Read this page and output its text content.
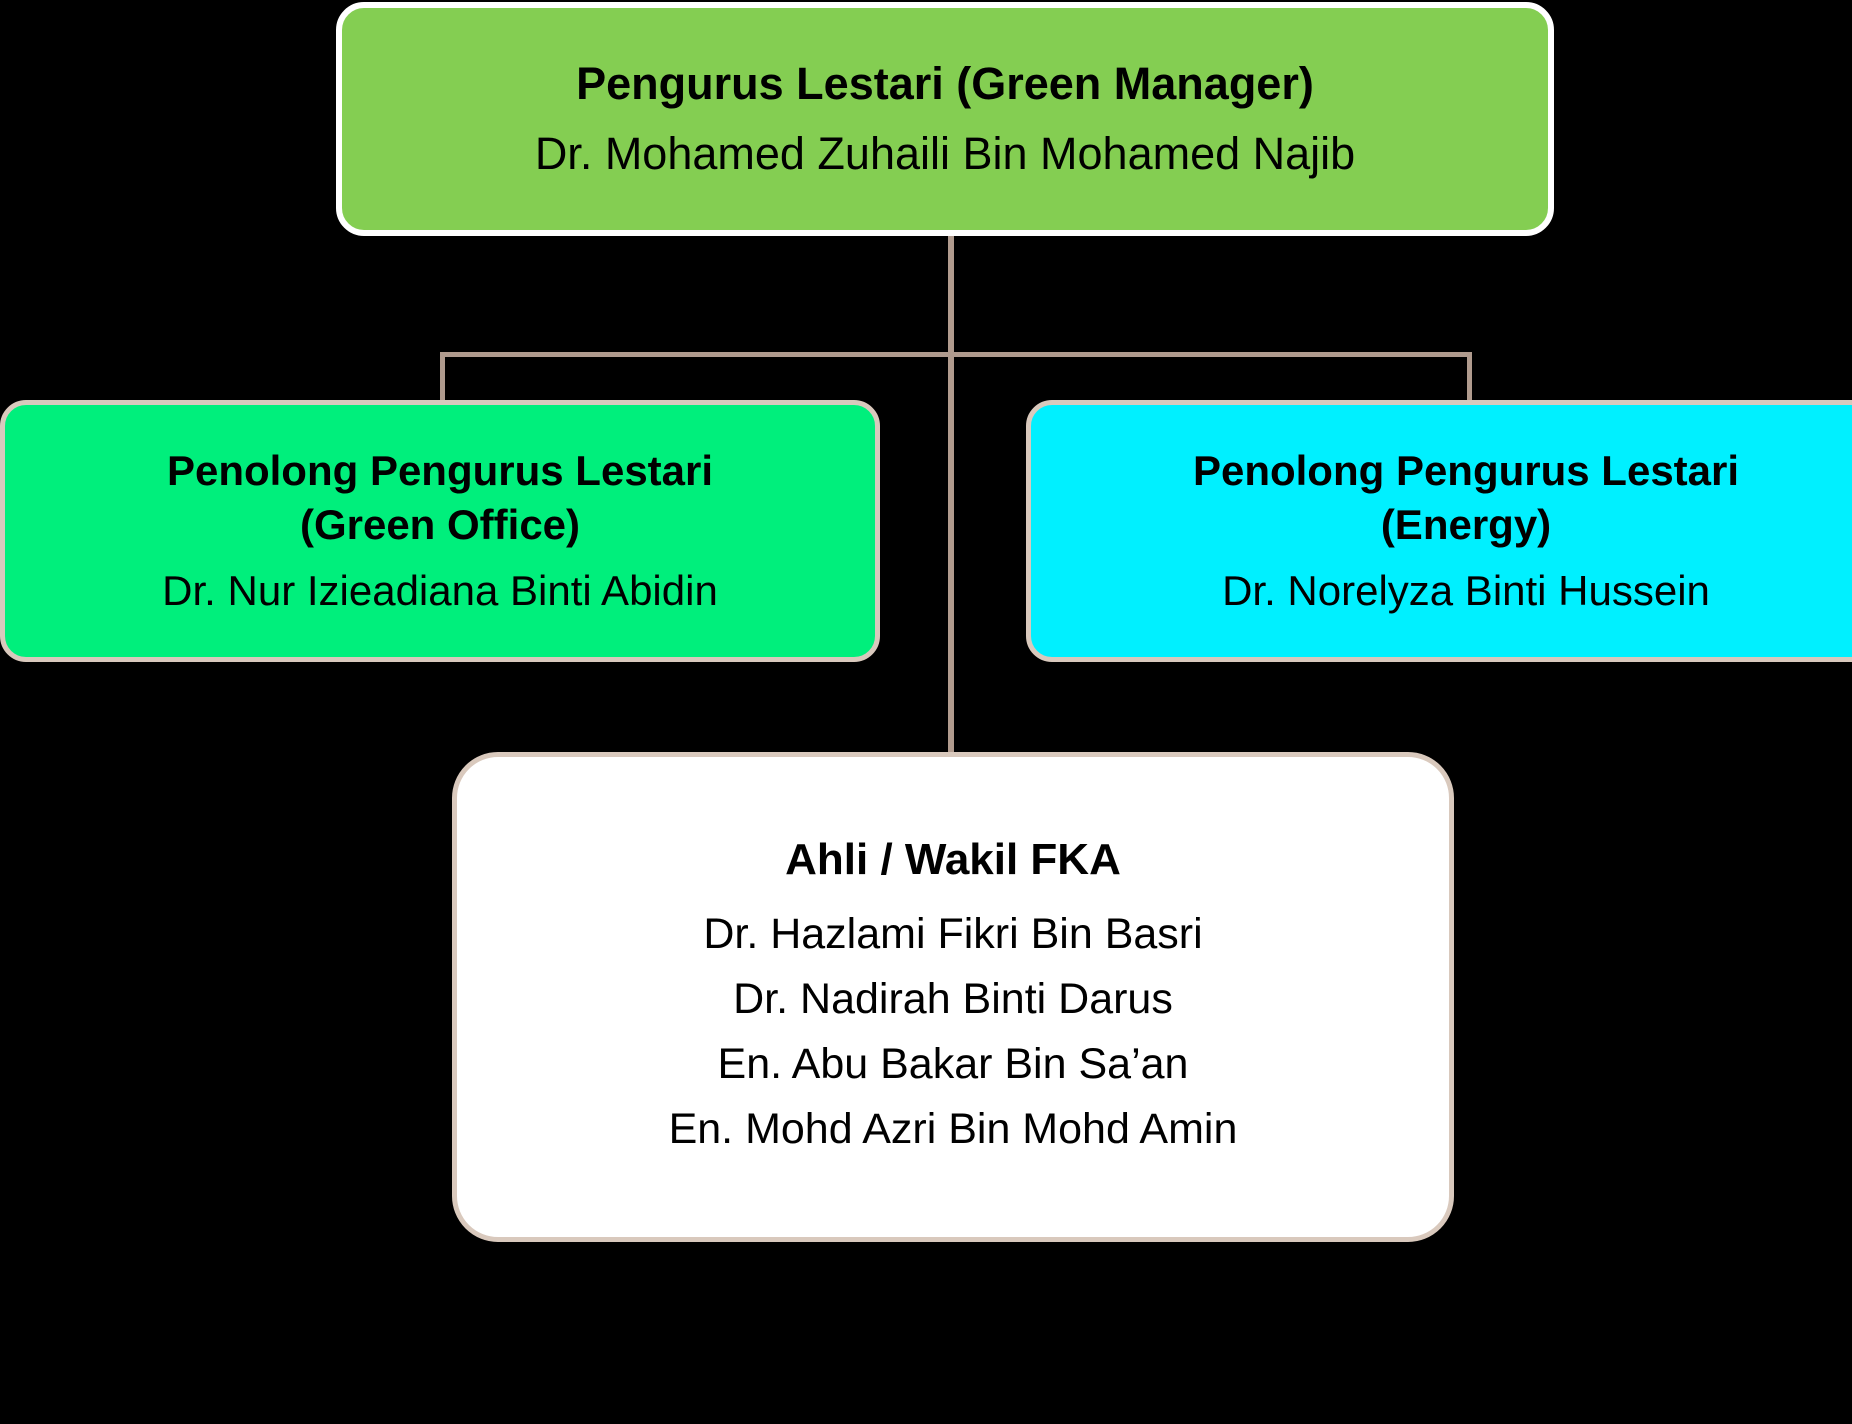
Pengurus Lestari (Green Manager)
Dr. Mohamed Zuhaili Bin Mohamed Najib
Penolong Pengurus Lestari
(Green Office)
Dr. Nur Izieadiana Binti Abidin
Penolong Pengurus Lestari
(Energy)
Dr. Norelyza Binti Hussein
Ahli / Wakil FKA
Dr. Hazlami Fikri Bin Basri
Dr. Nadirah Binti Darus
En. Abu Bakar Bin Sa’an
En. Mohd Azri Bin Mohd Amin
